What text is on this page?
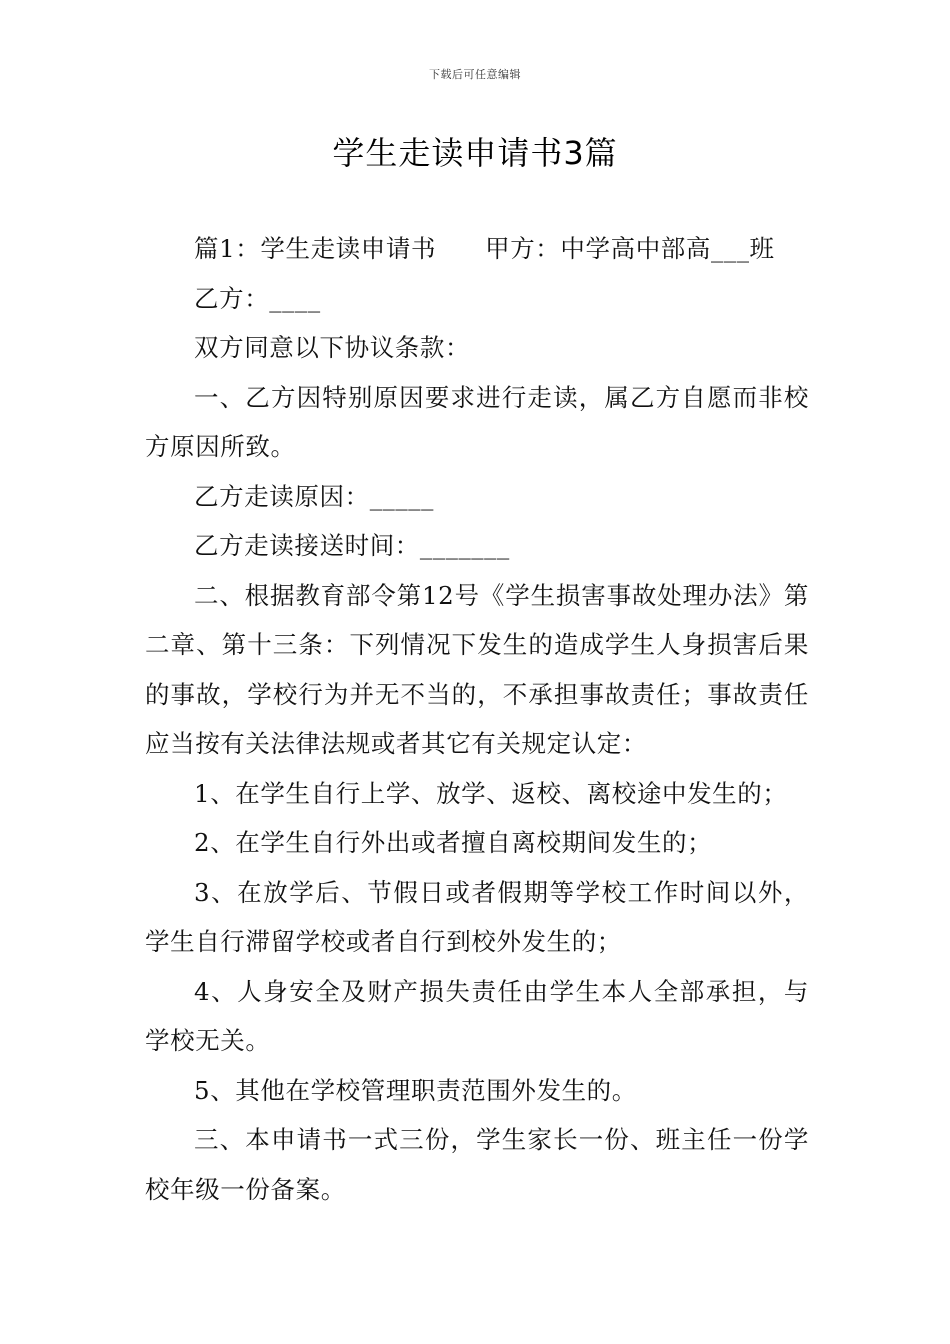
下载后可任意编辑
学生走读申请书3篇

篇1：学生走读申请书 甲方：中学高中部高___班

乙方：____

双方同意以下协议条款：

一、乙方因特别原因要求进行走读，属乙方自愿而非校方原因所致。

乙方走读原因：_____

乙方走读接送时间：_______

二、根据教育部令第12号《学生损害事故处理办法》第二章、第十三条：下列情况下发生的造成学生人身损害后果的事故，学校行为并无不当的，不承担事故责任；事故责任应当按有关法律法规或者其它有关规定认定：

1、在学生自行上学、放学、返校、离校途中发生的；

2、在学生自行外出或者擅自离校期间发生的；

3、在放学后、节假日或者假期等学校工作时间以外，学生自行滞留学校或者自行到校外发生的；

4、人身安全及财产损失责任由学生本人全部承担，与学校无关。

5、其他在学校管理职责范围外发生的。

三、本申请书一式三份，学生家长一份、班主任一份学校年级一份备案。
